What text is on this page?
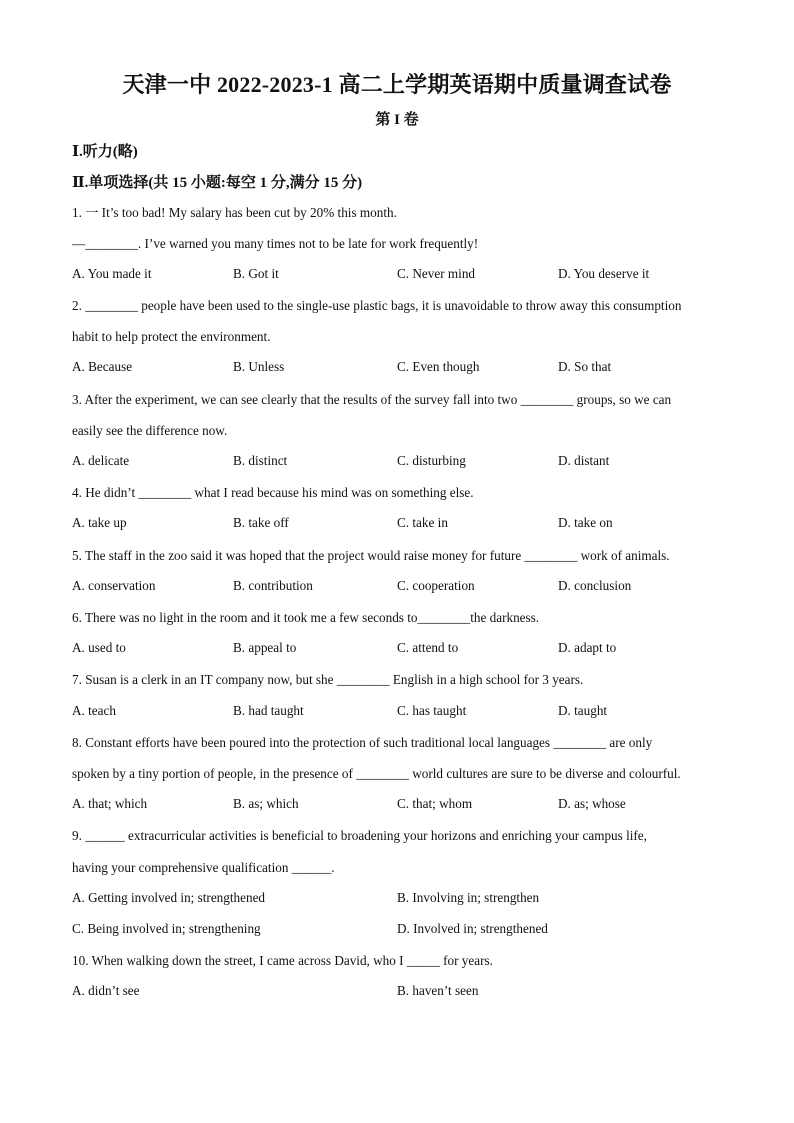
天津一中 2022-2023-1 高二上学期英语期中质量调查试卷
第 I 卷
Ⅰ.听力(略)
Ⅱ.单项选择(共 15 小题:每空 1 分,满分 15 分)
1. 一 It’s too bad! My salary has been cut by 20% this month.
—________. I’ve warned you many times not to be late for work frequently!
A. You made it	B. Got it	C. Never mind	D. You deserve it
2. ________ people have been used to the single-use plastic bags, it is unavoidable to throw away this consumption
habit to help protect the environment.
A. Because	B. Unless	C. Even though	D. So that
3. After the experiment, we can see clearly that the results of the survey fall into two ________ groups, so we can
easily see the difference now.
A. delicate	B. distinct	C. disturbing	D. distant
4. He didn’t ________ what I read because his mind was on something else.
A. take up	B. take off	C. take in	D. take on
5. The staff in the zoo said it was hoped that the project would raise money for future ________ work of animals.
A. conservation	B. contribution	C. cooperation	D. conclusion
6. There was no light in the room and it took me a few seconds to________the darkness.
A. used to	B. appeal to	C. attend to	D. adapt to
7. Susan is a clerk in an IT company now, but she ________ English in a high school for 3 years.
A. teach	B. had taught	C. has taught	D. taught
8. Constant efforts have been poured into the protection of such traditional local languages ________ are only
spoken by a tiny portion of people, in the presence of ________ world cultures are sure to be diverse and colourful.
A. that; which	B. as; which	C. that; whom	D. as; whose
9. ______ extracurricular activities is beneficial to broadening your horizons and enriching your campus life,
having your comprehensive qualification ______.
A. Getting involved in; strengthened	B. Involving in; strengthen
C. Being involved in; strengthening	D. Involved in; strengthened
10. When walking down the street, I came across David, who I _____ for years.
A. didn’t see	B. haven’t seen
